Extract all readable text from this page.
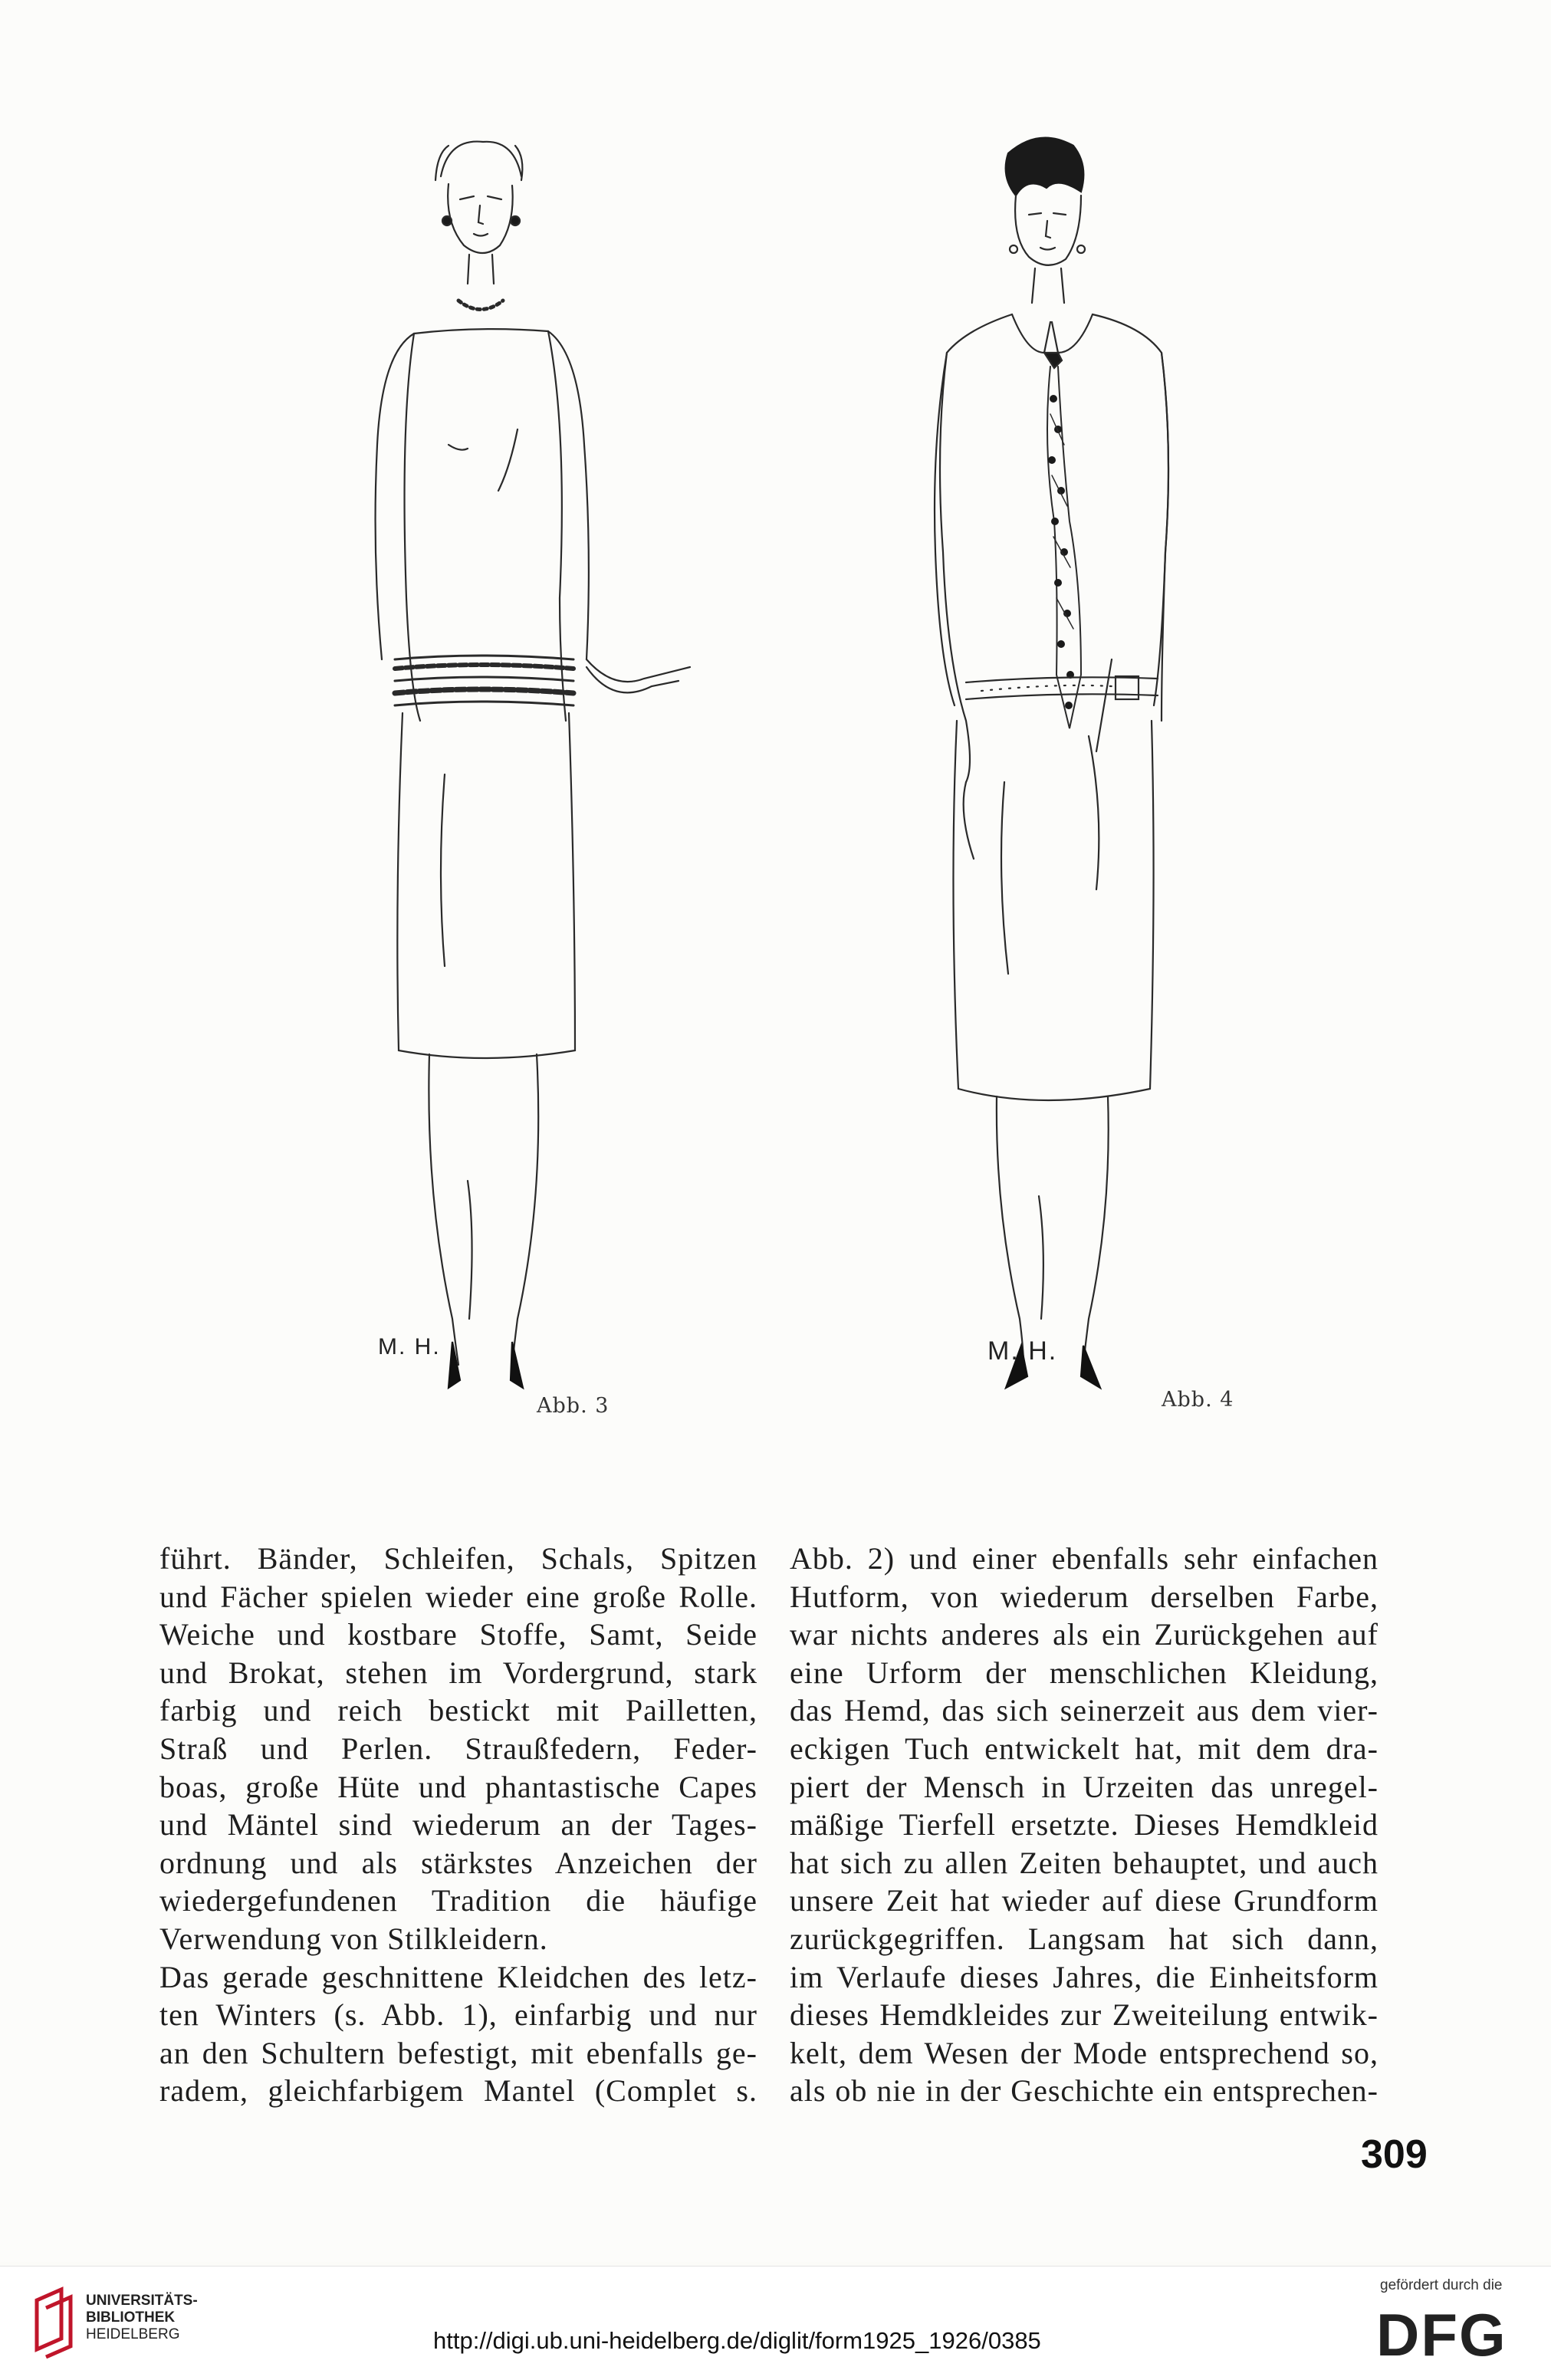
M. H.
Abb. 3
M. H.
Abb. 4
führt. Bänder, Schleifen, Schals, Spitzen
und Fächer spielen wieder eine große Rolle.
Weiche und kostbare Stoffe, Samt, Seide
und Brokat, stehen im Vordergrund, stark
farbig und reich bestickt mit Pailletten,
Straß und Perlen. Straußfedern, Feder-
boas, große Hüte und phantastische Capes
und Mäntel sind wiederum an der Tages-
ordnung und als stärkstes Anzeichen der
wiedergefundenen Tradition die häufige
Verwendung von Stilkleidern.
Das gerade geschnittene Kleidchen des letz-
ten Winters (s. Abb. 1), einfarbig und nur
an den Schultern befestigt, mit ebenfalls ge-
radem, gleichfarbigem Mantel (Complet s.
Abb. 2) und einer ebenfalls sehr einfachen
Hutform, von wiederum derselben Farbe,
war nichts anderes als ein Zurückgehen auf
eine Urform der menschlichen Kleidung,
das Hemd, das sich seinerzeit aus dem vier-
eckigen Tuch entwickelt hat, mit dem dra-
piert der Mensch in Urzeiten das unregel-
mäßige Tierfell ersetzte. Dieses Hemdkleid
hat sich zu allen Zeiten behauptet, und auch
unsere Zeit hat wieder auf diese Grundform
zurückgegriffen. Langsam hat sich dann,
im Verlaufe dieses Jahres, die Einheitsform
dieses Hemdkleides zur Zweiteilung entwik-
kelt, dem Wesen der Mode entsprechend so,
als ob nie in der Geschichte ein entsprechen-
309
UNIVERSITÄTS-
BIBLIOTHEK
HEIDELBERG	http://digi.ub.uni-heidelberg.de/diglit/form1925_1926/0385
gefördert durch die
DFG
